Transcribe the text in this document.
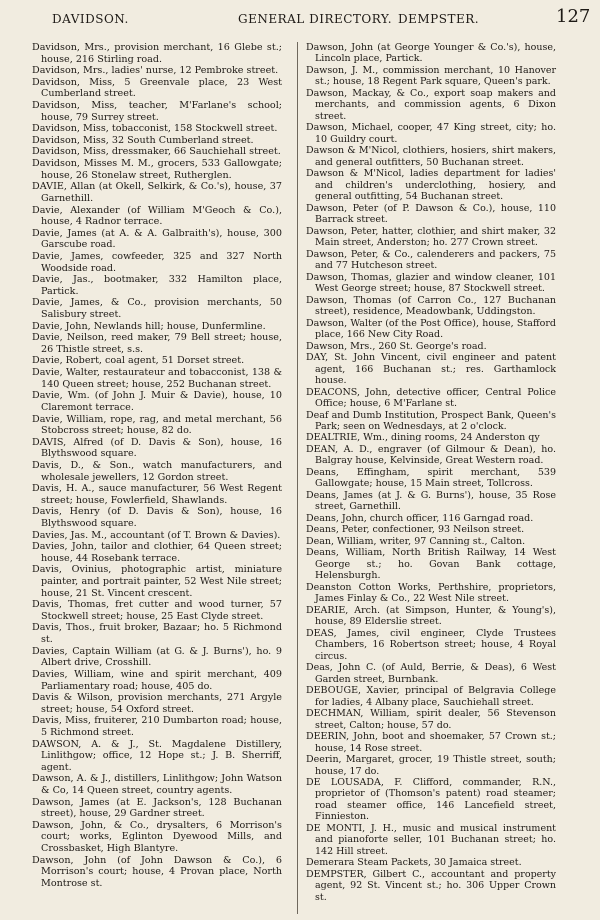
DAVIDSON.	GENERAL DIRECTORY. DEMPSTER.	127

Davidson, Mrs., provision merchant, 16 Glebe st.; house, 216 Stirling road.

Davidson, Mrs., ladies' nurse, 12 Pembroke street.

Davidson, Miss, 5 Greenvale place, 23 West Cumberland street.

Davidson, Miss, teacher, M'Farlane's school; house, 79 Surrey street.

Davidson, Miss, tobacconist, 158 Stockwell street.

Davidson, Miss, 32 South Cumberland street.

Davidson, Miss, dressmaker, 66 Sauchiehall street.

Davidson, Misses M. M., grocers, 533 Gallowgate; house, 26 Stonelaw street, Rutherglen.

DAVIE, Allan (at Okell, Selkirk, & Co.'s), house, 37 Garnethill.

Davie, Alexander (of William M'Geoch & Co.), house, 4 Radnor terrace.

Davie, James (at A. & A. Galbraith's), house, 300 Garscube road.

Davie, James, cowfeeder, 325 and 327 North Woodside road.

Davie, Jas., bootmaker, 332 Hamilton place, Partick.

Davie, James, & Co., provision merchants, 50 Salisbury street.

Davie, John, Newlands hill; house, Dunfermline.

Davie, Neilson, reed maker, 79 Bell street; house, 26 Thistle street, s.s.

Davie, Robert, coal agent, 51 Dorset street.

Davie, Walter, restaurateur and tobacconist, 138 & 140 Queen street; house, 252 Buchanan street.

Davie, Wm. (of John J. Muir & Davie), house, 10 Claremont terrace.

Davie, William, rope, rag, and metal merchant, 56 Stobcross street; house, 82 do.

DAVIS, Alfred (of D. Davis & Son), house, 16 Blythswood square.

Davis, D., & Son., watch manufacturers, and wholesale jewellers, 12 Gordon street.

Davis, H. A., sauce manufacturer, 56 West Regent street; house, Fowlerfield, Shawlands.

Davis, Henry (of D. Davis & Son), house, 16 Blythswood square.

Davies, Jas. M., accountant (of T. Brown & Davies).

Davies, John, tailor and clothier, 64 Queen street; house, 44 Rosebank terrace.

Davis, Ovinius, photographic artist, miniature painter, and portrait painter, 52 West Nile street; house, 21 St. Vincent crescent.

Davis, Thomas, fret cutter and wood turner, 57 Stockwell street; house, 25 East Clyde street.

Davis, Thos., fruit broker, Bazaar; ho. 5 Richmond st.

Davies, Captain William (at G. & J. Burns'), ho. 9 Albert drive, Crosshill.

Davies, William, wine and spirit merchant, 409 Parliamentary road; house, 405 do.

Davis & Wilson, provision merchants, 271 Argyle street; house, 54 Oxford street.

Davis, Miss, fruiterer, 210 Dumbarton road; house, 5 Richmond street.

DAWSON, A. & J., St. Magdalene Distillery, Linlithgow; office, 12 Hope st.; J. B. Sherriff, agent.

Dawson, A. & J., distillers, Linlithgow; John Watson & Co, 14 Queen street, country agents.

Dawson, James (at E. Jackson's, 128 Buchanan street), house, 29 Gardner street.

Dawson, John, & Co., drysalters, 6 Morrison's court; works, Eglinton Dyewood Mills, and Crossbasket, High Blantyre.

Dawson, John (of John Dawson & Co.), 6 Morrison's court; house, 4 Provan place, North Montrose st.

Dawson, John (at George Younger & Co.'s), house, Lincoln place, Partick.

Dawson, J. M., commission merchant, 10 Hanover st.; house, 18 Regent Park square, Queen's park.

Dawson, Mackay, & Co., export soap makers and merchants, and commission agents, 6 Dixon street.

Dawson, Michael, cooper, 47 King street, city; ho. 10 Guildry court.

Dawson & M'Nicol, clothiers, hosiers, shirt makers, and general outfitters, 50 Buchanan street.

Dawson & M'Nicol, ladies department for ladies' and children's underclothing, hosiery, and general outfitting, 54 Buchanan street.

Dawson, Peter (of P. Dawson & Co.), house, 110 Barrack street.

Dawson, Peter, hatter, clothier, and shirt maker, 32 Main street, Anderston; ho. 277 Crown street.

Dawson, Peter, & Co., calenderers and packers, 75 and 77 Hutcheson street.

Dawson, Thomas, glazier and window cleaner, 101 West George street; house, 87 Stockwell street.

Dawson, Thomas (of Carron Co., 127 Buchanan street), residence, Meadowbank, Uddingston.

Dawson, Walter (of the Post Office), house, Stafford place, 166 New City Road.

Dawson, Mrs., 260 St. George's road.

DAY, St. John Vincent, civil engineer and patent agent, 166 Buchanan st.; res. Garthamlock house.

DEACONS, John, detective officer, Central Police Office; house, 6 M'Farlane st.

Deaf and Dumb Institution, Prospect Bank, Queen's Park; seen on Wednesdays, at 2 o'clock.

DEALTRIE, Wm., dining rooms, 24 Anderston qy

DEAN, A. D., engraver (of Gilmour & Dean), ho. Balgray house, Kelvinside, Great Western road.

Deans, Effingham, spirit merchant, 539 Gallowgate; house, 15 Main street, Tollcross.

Deans, James (at J. & G. Burns'), house, 35 Rose street, Garnethill.

Deans, John, church officer, 116 Garngad road.

Deans, Peter, confectioner, 93 Neilson street.

Dean, William, writer, 97 Canning st., Calton.

Deans, William, North British Railway, 14 West George st.; ho. Govan Bank cottage, Helensburgh.

Deanston Cotton Works, Perthshire, proprietors, James Finlay & Co., 22 West Nile street.

DEARIE, Arch. (at Simpson, Hunter, & Young's), house, 89 Elderslie street.

DEAS, James, civil engineer, Clyde Trustees Chambers, 16 Robertson street; house, 4 Royal circus.

Deas, John C. (of Auld, Berrie, & Deas), 6 West Garden street, Burnbank.

DEBOUGE, Xavier, principal of Belgravia College for ladies, 4 Albany place, Sauchiehall street.

DECHMAN, William, spirit dealer, 56 Stevenson street, Calton; house, 57 do.

DEERIN, John, boot and shoemaker, 57 Crown st.; house, 14 Rose street.

Deerin, Margaret, grocer, 19 Thistle street, south; house, 17 do.

DE LOUSADA, F. Clifford, commander, R.N., proprietor of (Thomson's patent) road steamer; road steamer office, 146 Lancefield street, Finnieston.

DE MONTI, J. H., music and musical instrument and pianoforte seller, 101 Buchanan street; ho. 142 Hill street.

Demerara Steam Packets, 30 Jamaica street.

DEMPSTER, Gilbert C., accountant and property agent, 92 St. Vincent st.; ho. 306 Upper Crown st.
